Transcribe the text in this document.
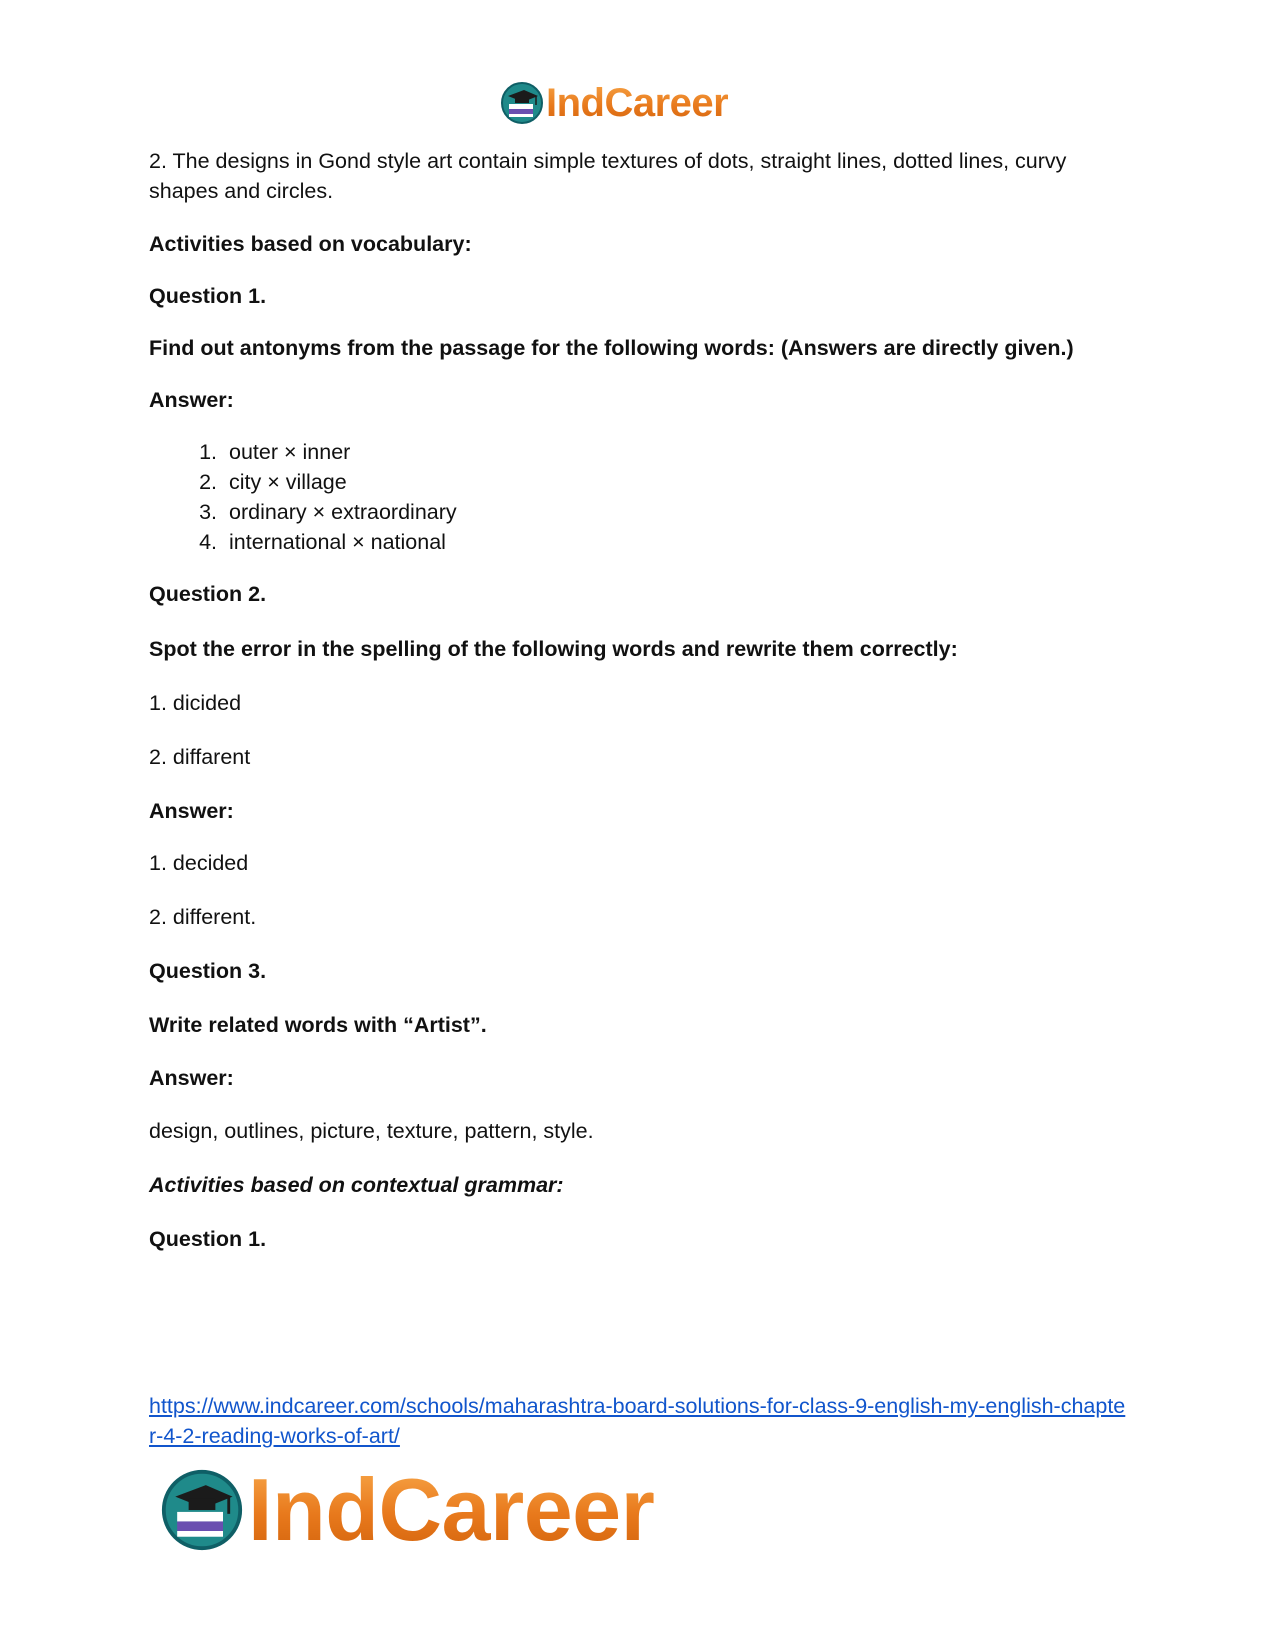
IndCareer

2. The designs in Gond style art contain simple textures of dots, straight lines, dotted lines, curvy shapes and circles.

Activities based on vocabulary:

Question 1.

Find out antonyms from the passage for the following words: (Answers are directly given.)

Answer:

1. outer × inner
2. city × village
3. ordinary × extraordinary
4. international × national

Question 2.

Spot the error in the spelling of the following words and rewrite them correctly:

1. dicided

2. diffarent

Answer:

1. decided

2. different.

Question 3.

Write related words with “Artist”.

Answer:

design, outlines, picture, texture, pattern, style.

Activities based on contextual grammar:

Question 1.

https://www.indcareer.com/schools/maharashtra-board-solutions-for-class-9-english-my-english-chapter-4-2-reading-works-of-art/
IndCareer
